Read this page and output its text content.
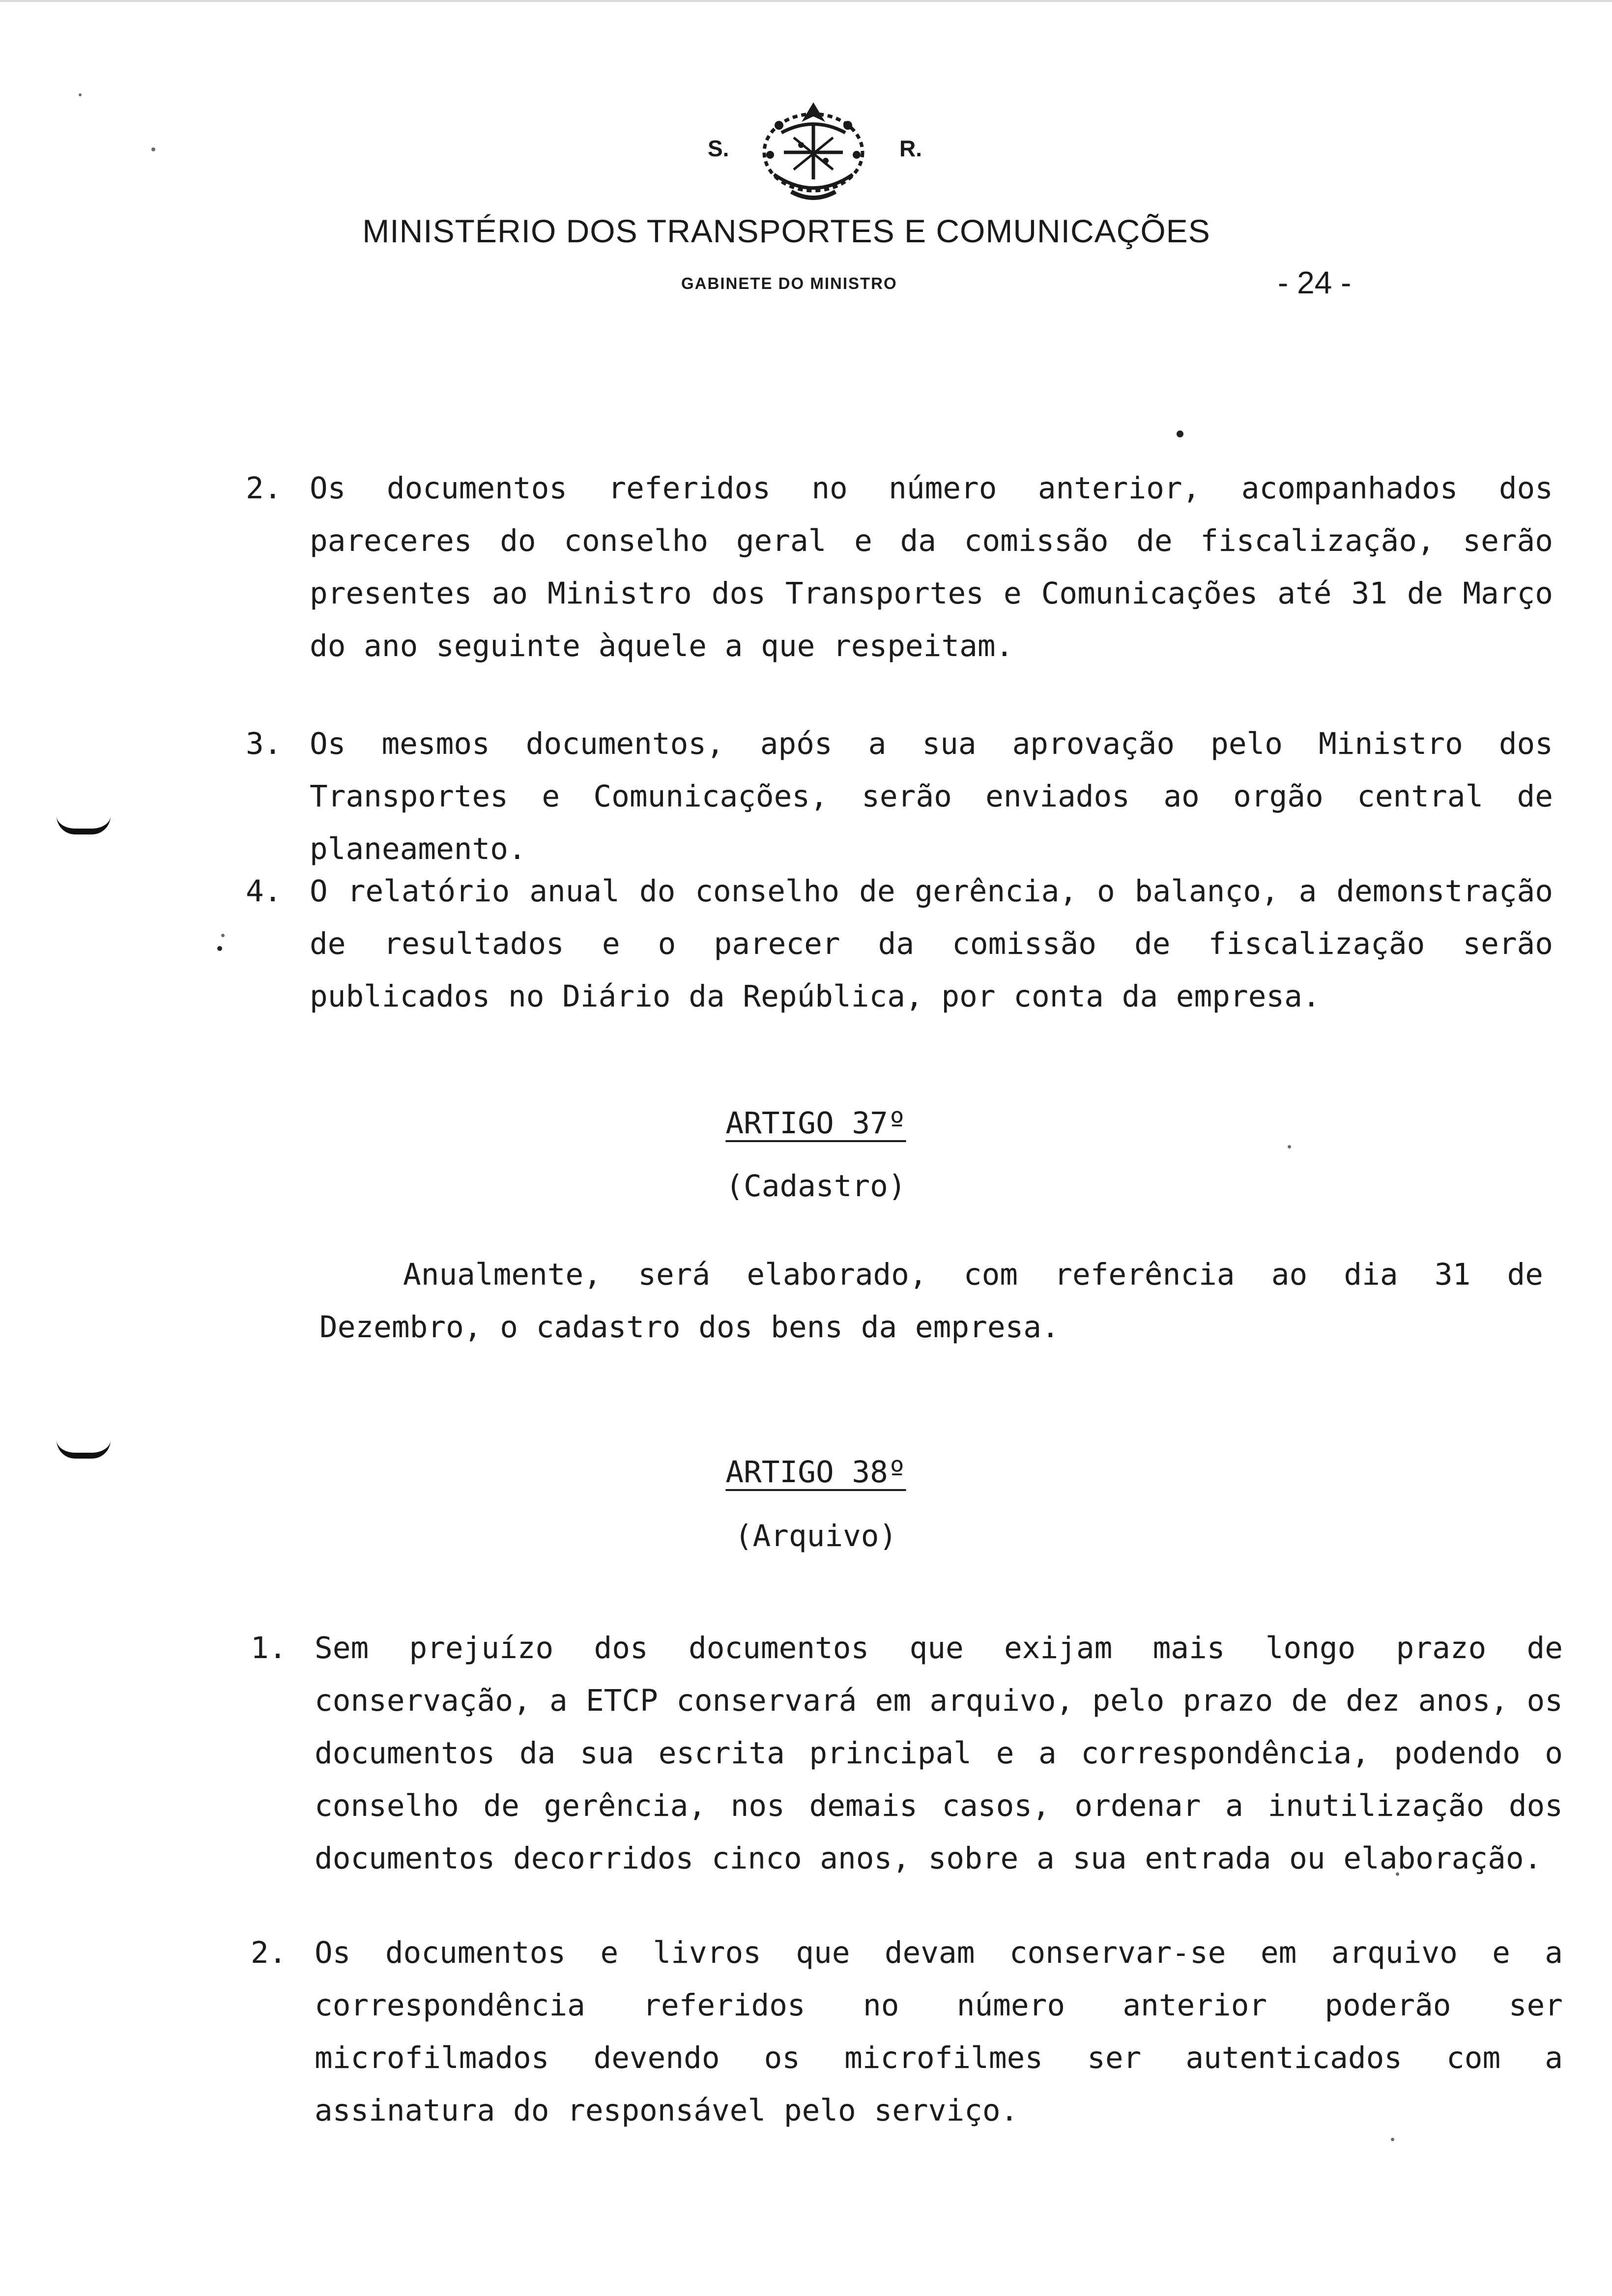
S.	R.
MINISTÉRIO DOS TRANSPORTES E COMUNICAÇÕES
GABINETE DO MINISTRO	- 24 -
2. Os documentos referidos no número anterior, acompanhados dos pareceres do conselho geral e da comissão de fiscalização, serão presentes ao Ministro dos Transportes e Comunicações até 31 de Março do ano seguinte àquele a que respeitam.
3. Os mesmos documentos, após a sua aprovação pelo Ministro dos Transportes e Comunicações, serão enviados ao orgão central de planeamento.
4. O relatório anual do conselho de gerência, o balanço, a demonstração de resultados e o parecer da comissão de fiscalização serão publicados no Diário da República, por conta da empresa.
ARTIGO 37º
(Cadastro)
Anualmente, será elaborado, com referência ao dia 31 de Dezembro, o cadastro dos bens da empresa.
ARTIGO 38º
(Arquivo)
1. Sem prejuízo dos documentos que exijam mais longo prazo de conservação, a ETCP conservará em arquivo, pelo prazo de dez anos, os documentos da sua escrita principal e a correspondência, podendo o conselho de gerência, nos demais casos, ordenar a inutilização dos documentos decorridos cinco anos, sobre a sua entrada ou elaboração.
2. Os documentos e livros que devam conservar-se em arquivo e a correspondência referidos no número anterior poderão ser microfilmados devendo os microfilmes ser autenticados com a assinatura do responsável pelo serviço.
